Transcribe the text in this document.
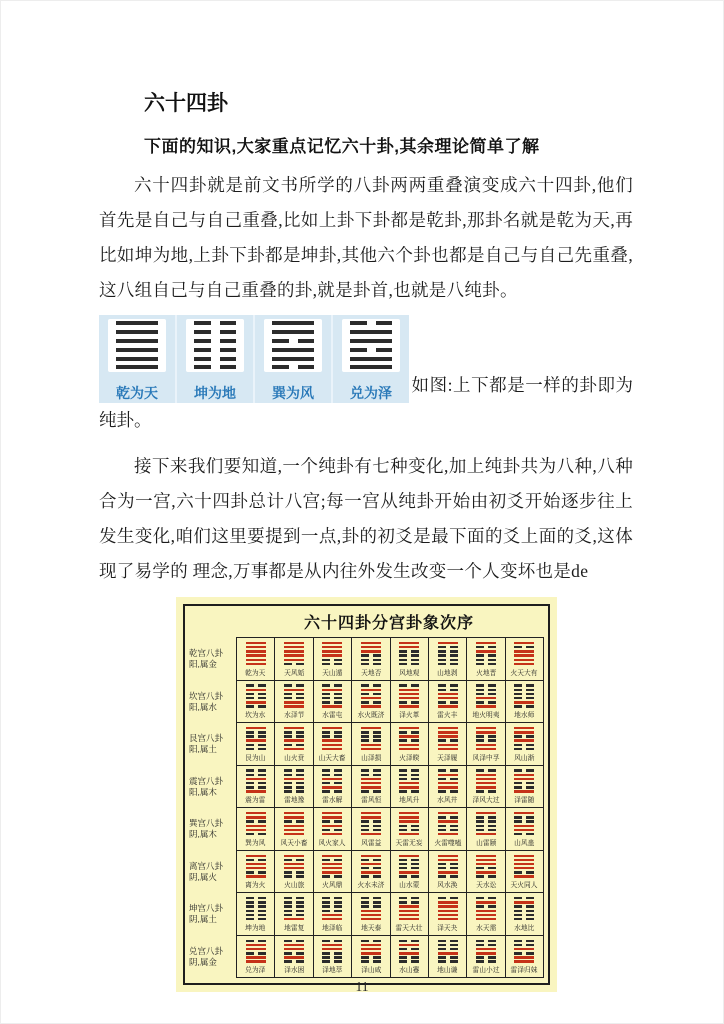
六十四卦
下面的知识,大家重点记忆六十卦,其余理论简单了解

六十四卦就是前文书所学的八卦两两重叠演变成六十四卦,他们首先是自己与自己重叠,比如上卦下卦都是乾卦,那卦名就是乾为天,再比如坤为地,上卦下卦都是坤卦,其他六个卦也都是自己与自己先重叠,这八组自己与自己重叠的卦,就是卦首,也就是八纯卦。

乾为天	坤为地	巽为风	兑为泽 如图:上下都是一样的卦即为纯卦。

接下来我们要知道,一个纯卦有七种变化,加上纯卦共为八种,八种合为一宫,六十四卦总计八宫;每一宫从纯卦开始由初爻开始逐步往上发生变化,咱们这里要提到一点,卦的初爻是最下面的爻上面的爻,这体现了易学的 理念,万事都是从内往外发生改变一个人变坏也是de

六十四卦分宫卦象次序
乾宫八卦
阳,属金
乾为天 天风姤 天山遁 天地否 风地观 山地剥 火地晋 火天大有
坎宫八卦
阳,属水
坎为水 水泽节 水雷屯 水火既济 泽火革 雷火丰 地火明夷 地水师
艮宫八卦
阳,属土
艮为山 山火贲 山天大畜 山泽损 火泽睽 天泽履 风泽中孚 风山渐
震宫八卦
阳,属木
震为雷 雷地豫 雷水解 雷风恒 地风升 水风井 泽风大过 泽雷随
巽宫八卦
阴,属木
巽为风 风天小畜 风火家人 风雷益 天雷无妄 火雷噬嗑 山雷颐 山风蛊
离宫八卦
阴,属火
离为火 火山旅 火风鼎 火水未济 山水蒙 风水涣 天水讼 天火同人
坤宫八卦
阴,属土
坤为地 地雷复 地泽临 地天泰 雷天大壮 泽天夬 水天需 水地比
兑宫八卦
阴,属金
兑为泽 泽水困 泽地萃 泽山咸 水山蹇 地山谦 雷山小过 雷泽归妹
11
